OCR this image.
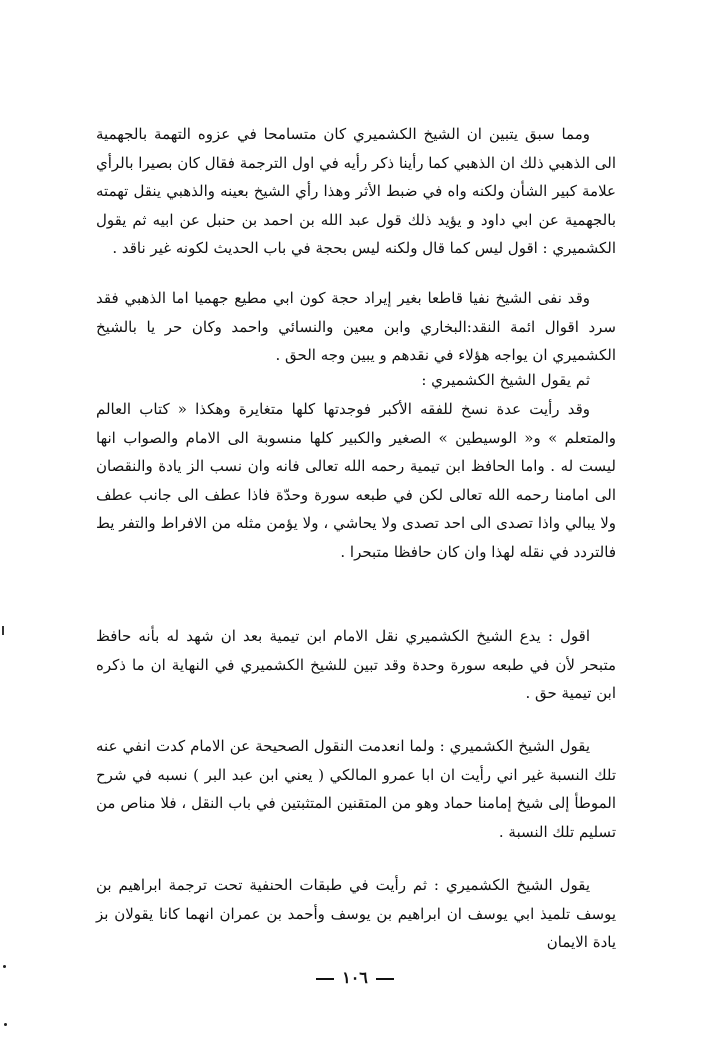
ومما سبق يتبين ان الشيخ الكشميري كان متسامحا في عزوه التهمة بالجهمية الى الذهبي ذلك ان الذهبي كما رأينا ذكر رأيه في اول الترجمة فقال كان بصيرا بالرأي علامة كبير الشأن ولكنه واه في ضبط الأثر وهذا رأي الشيخ بعينه والذهبي ينقل تهمته بالجهمية عن ابي داود و يؤيد ذلك قول عبد الله بن احمد بن حنبل عن ابيه ثم يقول الكشميري : اقول ليس كما قال ولكنه ليس بحجة في باب الحديث لكونه غير ناقد .

وقد نفى الشيخ نفيا قاطعا بغير إيراد حجة كون ابي مطيع جهميا اما الذهبي فقد سرد اقوال ائمة النقد:البخاري وابن معين والنسائي واحمد وكان حر يا بالشيخ الكشميري ان يواجه هؤلاء في نقدهم و يبين وجه الحق .

ثم يقول الشيخ الكشميري :

وقد رأيت عدة نسخ للفقه الأكبر فوجدتها كلها متغايرة وهكذا « كتاب العالم والمتعلم » و« الوسيطين » الصغير والكبير كلها منسوبة الى الامام والصواب انها ليست له . واما الحافظ ابن تيمية رحمه الله تعالى فانه وان نسب الز يادة والنقصان الى امامنا رحمه الله تعالى لكن في طبعه سورة وحدّة فاذا عطف الى جانب عطف ولا يبالي واذا تصدى الى احد تصدى ولا يحاشي ، ولا يؤمن مثله من الافراط والتفر يط فالتردد في نقله لهذا وان كان حافظا متبحرا .

اقول : يدع الشيخ الكشميري نقل الامام ابن تيمية بعد ان شهد له بأنه حافظ متبحر لأن في طبعه سورة وحدة وقد تبين للشيخ الكشميري في النهاية ان ما ذكره ابن تيمية حق .

يقول الشيخ الكشميري : ولما انعدمت النقول الصحيحة عن الامام كدت انفي عنه تلك النسبة غير اني رأيت ان ابا عمرو المالكي ( يعني ابن عبد البر ) نسبه في شرح الموطأ إلى شيخ إمامنا حماد وهو من المتقنين المتثبتين في باب النقل ، فلا مناص من تسليم تلك النسبة .

يقول الشيخ الكشميري : ثم رأيت في طبقات الحنفية تحت ترجمة ابراهيم بن يوسف تلميذ ابي يوسف ان ابراهيم بن يوسف وأحمد بن عمران انهما كانا يقولان بز يادة الايمان

١٠٦
